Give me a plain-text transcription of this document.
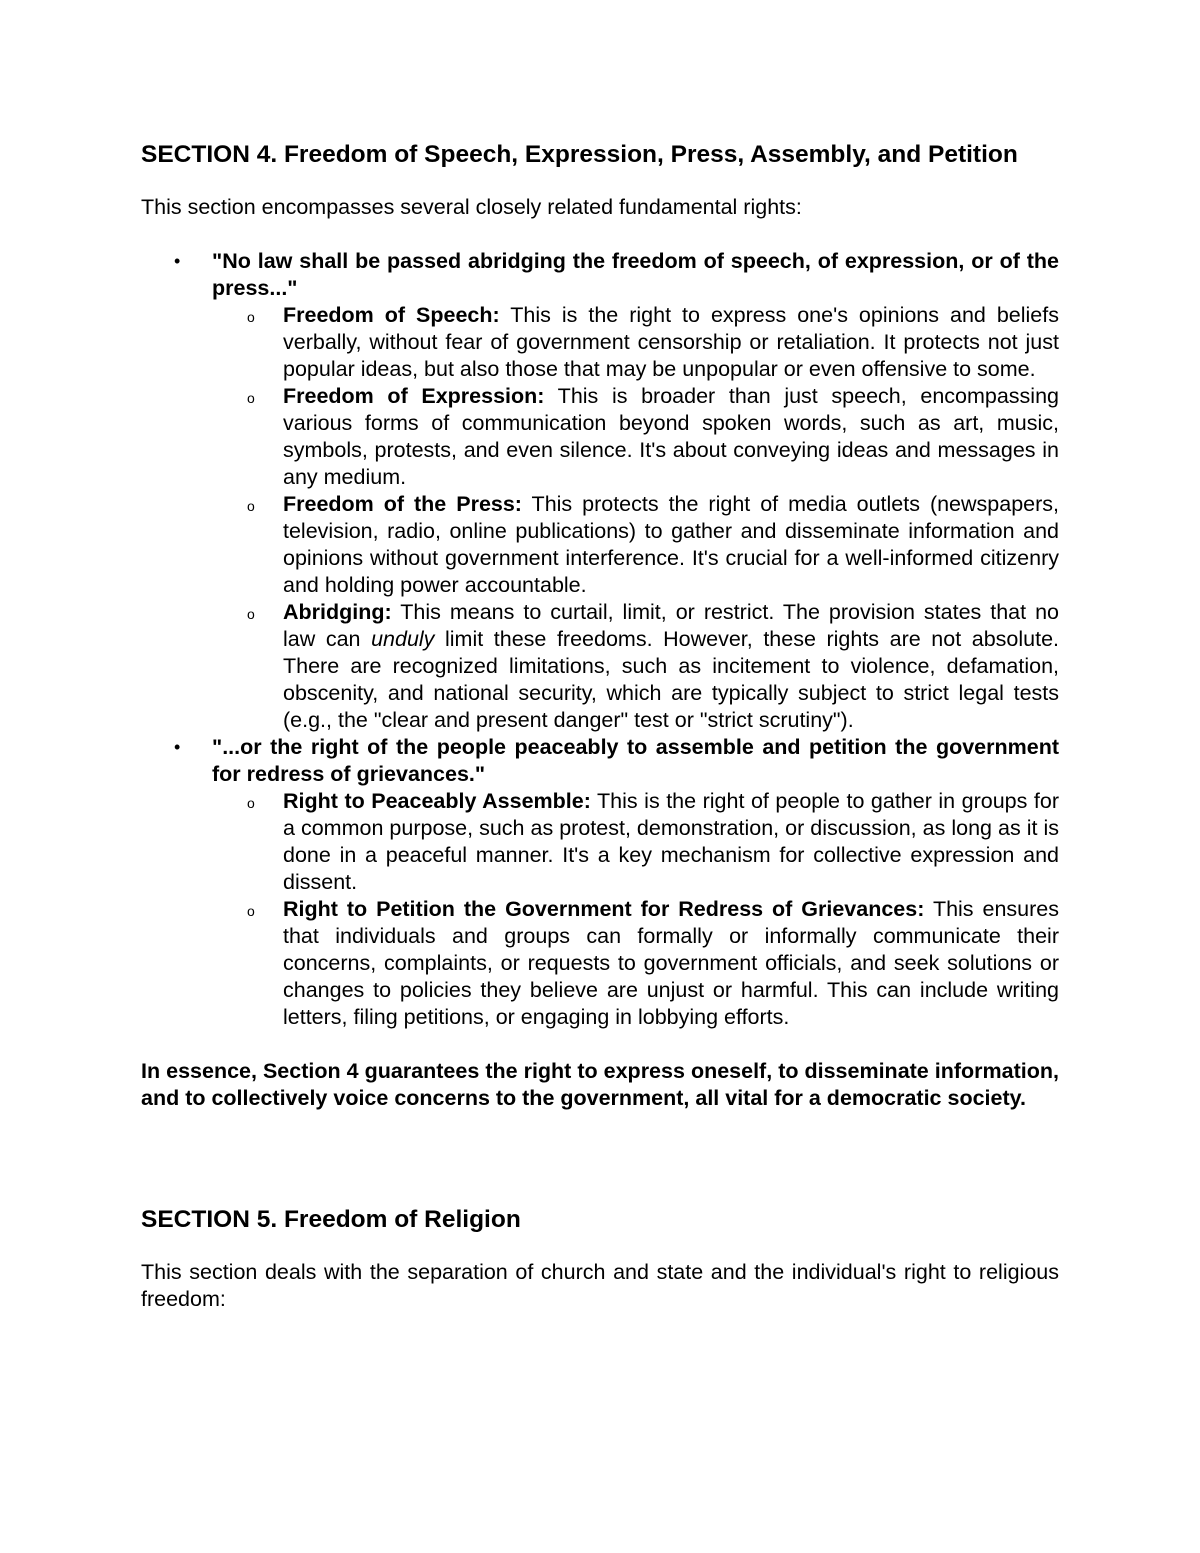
SECTION 4. Freedom of Speech, Expression, Press, Assembly, and Petition

This section encompasses several closely related fundamental rights:

• "No law shall be passed abridging the freedom of speech, of expression, or of the press..."

o Freedom of Speech: This is the right to express one's opinions and beliefs verbally, without fear of government censorship or retaliation. It protects not just popular ideas, but also those that may be unpopular or even offensive to some.
o Freedom of Expression: This is broader than just speech, encompassing various forms of communication beyond spoken words, such as art, music, symbols, protests, and even silence. It's about conveying ideas and messages in any medium.
o Freedom of the Press: This protects the right of media outlets (newspapers, television, radio, online publications) to gather and disseminate information and opinions without government interference. It's crucial for a well-informed citizenry and holding power accountable.
o Abridging: This means to curtail, limit, or restrict. The provision states that no law can unduly limit these freedoms. However, these rights are not absolute. There are recognized limitations, such as incitement to violence, defamation, obscenity, and national security, which are typically subject to strict legal tests (e.g., the "clear and present danger" test or "strict scrutiny").
• "...or the right of the people peaceably to assemble and petition the government for redress of grievances."

o Right to Peaceably Assemble: This is the right of people to gather in groups for a common purpose, such as protest, demonstration, or discussion, as long as it is done in a peaceful manner. It's a key mechanism for collective expression and dissent.
o Right to Petition the Government for Redress of Grievances: This ensures that individuals and groups can formally or informally communicate their concerns, complaints, or requests to government officials, and seek solutions or changes to policies they believe are unjust or harmful. This can include writing letters, filing petitions, or engaging in lobbying efforts.

In essence, Section 4 guarantees the right to express oneself, to disseminate information, and to collectively voice concerns to the government, all vital for a democratic society.

SECTION 5. Freedom of Religion

This section deals with the separation of church and state and the individual's right to religious freedom:
